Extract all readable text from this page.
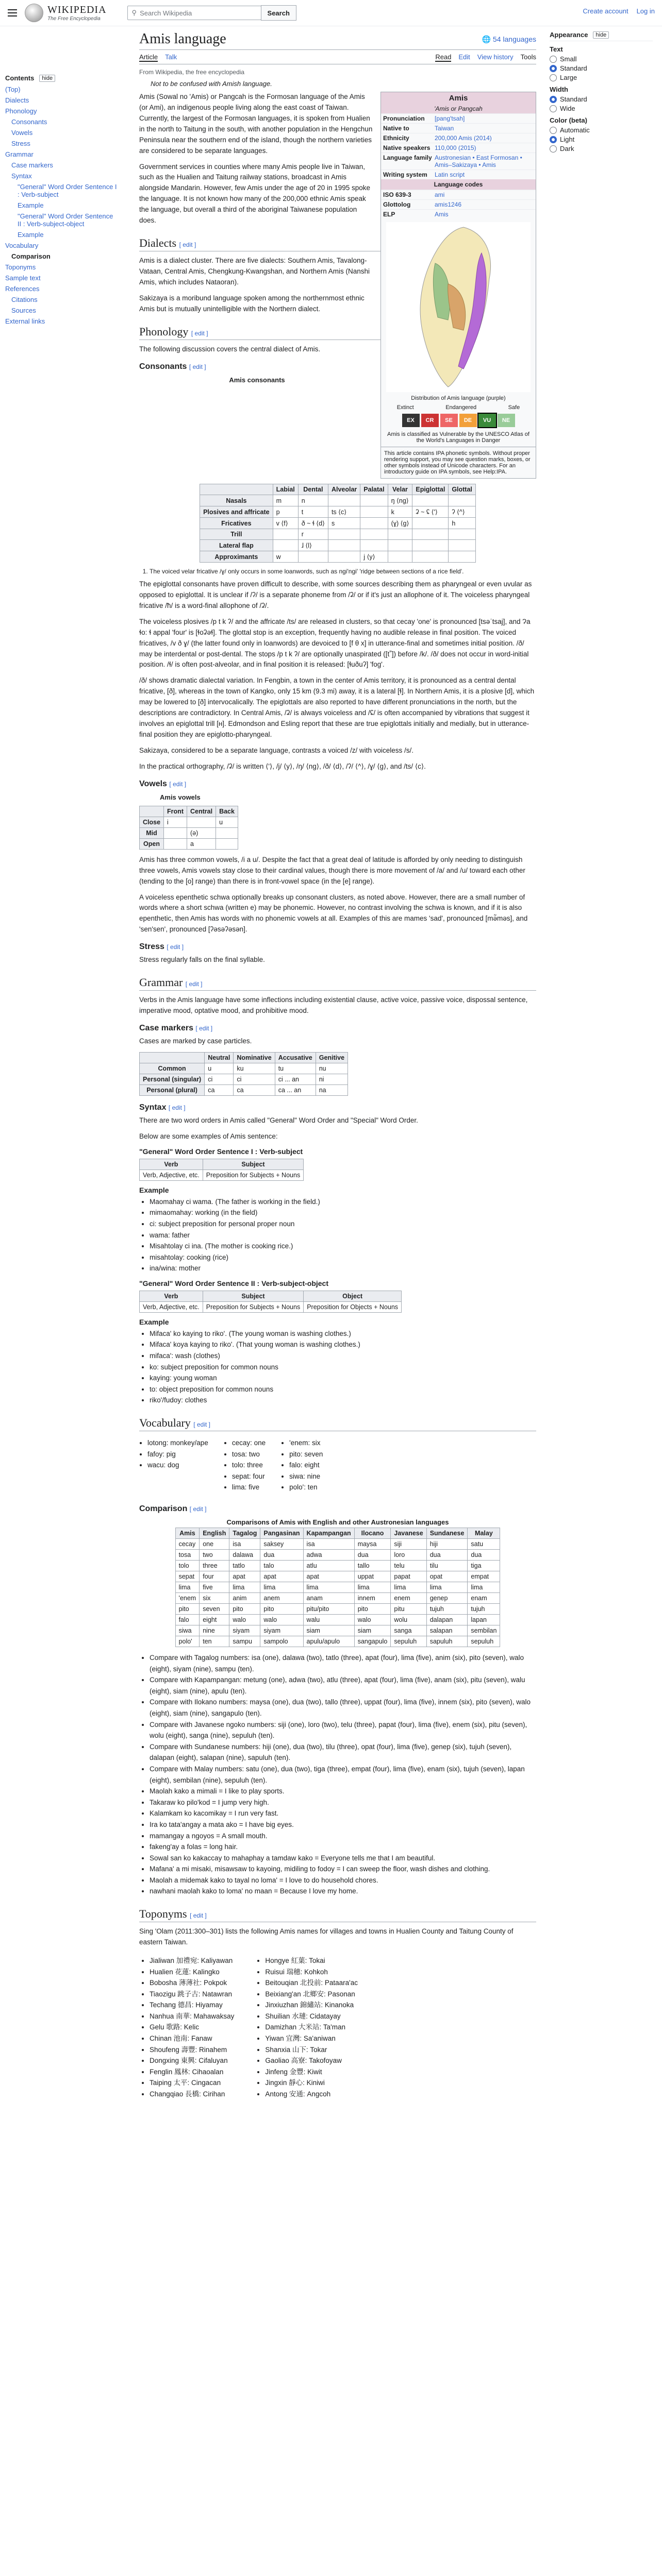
WIKIPEDIA
The Free Encyclopedia
⚲ Search Wikipedia	Search	Create account Log in
Contents	hide
(Top)
Dialects
Phonology
Consonants
Vowels
Stress
Grammar
Case markers
Syntax
"General" Word Order Sentence I : Verb-subject
Example
"General" Word Order Sentence II : Verb-subject-object
Example
Vocabulary
Comparison
Toponyms
Sample text
References
Citations
Sources
External links
Amis language	🌐 54 languages
Article Talk	Read Edit View history Tools
From Wikipedia, the free encyclopedia
Not to be confused with Amish language.
Amis
'Amis or Pangcah
Pronunciation	[pang'tsah]
Native to	Taiwan
Ethnicity	200,000 Amis (2014)
Native speakers 110,000 (2015)
Language family Austronesian • East Formosan • Amis–Sakizaya • Amis
Writing system	Latin script
Language codes
ISO 639-3	ami
Glottolog	amis1246
ELP	Amis
Distribution of Amis language (purple)
Extinct	Endangered	Safe
EX	CR	SE	DE	VU	NE
Amis is classified as Vulnerable by the UNESCO Atlas of the World's Languages in Danger
This article contains IPA phonetic symbols. Without proper rendering support, you may see question marks, boxes, or other symbols instead of Unicode characters. For an introductory guide on IPA symbols, see Help:IPA.

Amis (Sowal no 'Amis) or Pangcah is the Formosan language of the Amis (or Ami), an indigenous people living along the east coast of Taiwan. Currently, the largest of the Formosan languages, it is spoken from Hualien in the north to Taitung in the south, with another population in the Hengchun Peninsula near the southern end of the island, though the northern varieties are considered to be separate languages.

Government services in counties where many Amis people live in Taiwan, such as the Hualien and Taitung railway stations, broadcast in Amis alongside Mandarin. However, few Amis under the age of 20 in 1995 spoke the language. It is not known how many of the 200,000 ethnic Amis speak the language, but overall a third of the aboriginal Taiwanese population does.

Dialects [ edit ]

Amis is a dialect cluster. There are five dialects: Southern Amis, Tavalong-Vataan, Central Amis, Chengkung-Kwangshan, and Northern Amis (Nanshi Amis, which includes Nataoran).

Sakizaya is a moribund language spoken among the northernmost ethnic Amis but is mutually unintelligible with the Northern dialect.

Phonology [ edit ]

The following discussion covers the central dialect of Amis.

Consonants [ edit ]
Amis consonants
	Labial	Dental	Alveolar	Palatal	Velar	Epiglottal	Glottal
Nasals	m	n			ŋ ⟨ng⟩		
Plosives and affricate	p	t	ts ⟨c⟩		k	ʡ ~ ʢ ⟨'⟩	ʔ ⟨^⟩
Fricatives	v ⟨f⟩	ð ~ ɬ ⟨d⟩	s		(ɣ) ⟨g⟩		h
Trill		r					
Lateral flap		ɺ ⟨l⟩					
Approximants	w			j ⟨y⟩			
1. The voiced velar fricative /ɣ/ only occurs in some loanwords, such as ngi'ngi' 'ridge between sections of a rice field'.

The epiglottal consonants have proven difficult to describe, with some sources describing them as pharyngeal or even uvular as opposed to epiglottal. It is unclear if /ʔ/ is a separate phoneme from /ʡ/ or if it's just an allophone of it. The voiceless pharyngeal fricative /ħ/ is a word-final allophone of /ʡ/.

The voiceless plosives /p t k ʔ/ and the affricate /ts/ are released in clusters, so that cecay 'one' is pronounced [tsəˈtsaj], and Ɂa ɬo: ɬ appal 'four' is [ɬoʡəɬ]. The glottal stop is an exception, frequently having no audible release in final position. The voiced fricatives, /v ð ɣ/ (the latter found only in loanwords) are devoiced to [f θ x] in utterance-final and sometimes initial position. /ð/ may be interdental or post-dental. The stops /p t k ʔ/ are optionally unaspirated ([t˭]) before /k/. /ð/ does not occur in word-initial position. /ɬ/ is often post-alveolar, and in final position it is released: [ɬuðuʔ] 'fog'.

/ð/ shows dramatic dialectal variation. In Fengbin, a town in the center of Amis territory, it is pronounced as a central dental fricative, [ð], whereas in the town of Kangko, only 15 km (9.3 mi) away, it is a lateral [ɬ]. In Northern Amis, it is a plosive [d], which may be lowered to [ð] intervocalically. The epiglottals are also reported to have different pronunciations in the north, but the descriptions are contradictory. In Central Amis, /ʡ/ is always voiceless and /ʢ/ is often accompanied by vibrations that suggest it involves an epiglottal trill [ʜ]. Edmondson and Esling report that these are true epiglottals initially and medially, but in utterance-final position they are epiglotto-pharyngeal.

Sakizaya, considered to be a separate language, contrasts a voiced /z/ with voiceless /s/.

In the practical orthography, /ʡ/ is written ⟨'⟩, /j/ ⟨y⟩, /ŋ/ ⟨ng⟩, /ð/ ⟨d⟩, /ʔ/ ⟨^⟩, /ɣ/ ⟨g⟩, and /ts/ ⟨c⟩.

Vowels [ edit ]
Amis vowels
	Front	Central	Back
Close	i		u
Mid		(ə)	
Open		a	

Amis has three common vowels, /i a u/. Despite the fact that a great deal of latitude is afforded by only needing to distinguish three vowels, Amis vowels stay close to their cardinal values, though there is more movement of /a/ and /u/ toward each other (tending to the [o] range) than there is in front-vowel space (in the [e] range).

A voiceless epenthetic schwa optionally breaks up consonant clusters, as noted above. However, there are a small number of words where a short schwa (written e) may be phonemic. However, no contrast involving the schwa is known, and if it is also epenthetic, then Amis has words with no phonemic vowels at all. Examples of this are mames 'sad', pronounced [mə̃məs], and 'sen'sen', pronounced [ʔəsəʔəsən].

Stress [ edit ]

Stress regularly falls on the final syllable.

Grammar [ edit ]

Verbs in the Amis language have some inflections including existential clause, active voice, passive voice, dispossal sentence, imperative mood, optative mood, and prohibitive mood.

Case markers [ edit ]

Cases are marked by case particles.

	Neutral	Nominative	Accusative	Genitive
Common	u	ku	tu	nu
Personal (singular)	ci	ci	ci ... an	ni
Personal (plural)	ca	ca	ca ... an	na
Syntax [ edit ]

There are two word orders in Amis called "General" Word Order and "Special" Word Order.

Below are some examples of Amis sentence:

"General" Word Order Sentence I : Verb-subject
Verb	Subject
Verb, Adjective, etc.	Preposition for Subjects + Nouns
Example
• Maomahay ci wama. (The father is working in the field.)
• mimaomahay: working (in the field)
• ci: subject preposition for personal proper noun
• wama: father
• Misahtolay ci ina. (The mother is cooking rice.)
• misahtolay: cooking (rice)
• ina/wina: mother
"General" Word Order Sentence II : Verb-subject-object
Verb	Subject	Object
Verb, Adjective, etc.	Preposition for Subjects + Nouns	Preposition for Objects + Nouns
Example
• Mifaca' ko kaying to riko'. (The young woman is washing clothes.)
• Mifaca' koya kaying to riko'. (That young woman is washing clothes.)
• mifaca': wash (clothes)
• ko: subject preposition for common nouns
• kaying: young woman
• to: object preposition for common nouns
• riko'/fudoy: clothes
Vocabulary [ edit ]
• lotong: monkey/ape
• fafoy: pig
• wacu: dog
• cecay: one
• tosa: two
• tolo: three
• sepat: four
• lima: five
• 'enem: six
• pito: seven
• falo: eight
• siwa: nine
• polo': ten
Comparison [ edit ]
Comparisons of Amis with English and other Austronesian languages
Amis	English	Tagalog	Pangasinan	Kapampangan	Ilocano	Javanese	Sundanese	Malay
cecay	one	isa	saksey	isa	maysa	siji	hiji	satu
tosa	two	dalawa	dua	adwa	dua	loro	dua	dua
tolo	three	tatlo	talo	atlu	tallo	telu	tilu	tiga
sepat	four	apat	apat	apat	uppat	papat	opat	empat
lima	five	lima	lima	lima	lima	lima	lima	lima
'enem	six	anim	anem	anam	innem	enem	genep	enam
pito	seven	pito	pito	pitu/pito	pito	pitu	tujuh	tujuh
falo	eight	walo	walo	walu	walo	wolu	dalapan	lapan
siwa	nine	siyam	siyam	siam	siam	sanga	salapan	sembilan
polo'	ten	sampu	sampolo	apulu/apulo	sangapulo	sepuluh	sapuluh	sepuluh
• Compare with Tagalog numbers: isa (one), dalawa (two), tatlo (three), apat (four), lima (five), anim (six), pito (seven), walo (eight), siyam (nine), sampu (ten).
• Compare with Kapampangan: metung (one), adwa (two), atlu (three), apat (four), lima (five), anam (six), pitu (seven), walu (eight), siam (nine), apulu (ten).
• Compare with Ilokano numbers: maysa (one), dua (two), tallo (three), uppat (four), lima (five), innem (six), pito (seven), walo (eight), siam (nine), sangapulo (ten).
• Compare with Javanese ngoko numbers: siji (one), loro (two), telu (three), papat (four), lima (five), enem (six), pitu (seven), wolu (eight), sanga (nine), sepuluh (ten).
• Compare with Sundanese numbers: hiji (one), dua (two), tilu (three), opat (four), lima (five), genep (six), tujuh (seven), dalapan (eight), salapan (nine), sapuluh (ten).
• Compare with Malay numbers: satu (one), dua (two), tiga (three), empat (four), lima (five), enam (six), tujuh (seven), lapan (eight), sembilan (nine), sepuluh (ten).
• Maolah kako a mimali = I like to play sports.
• Takaraw ko pilo'kod = I jump very high.
• Kalamkam ko kacomikay = I run very fast.
• Ira ko tata'angay a mata ako = I have big eyes.
• mamangay a ngoyos = A small mouth.
• fakeng'ay a folas = long hair.
• Sowal san ko kakaccay to mahaphay a tamdaw kako = Everyone tells me that I am beautiful.
• Mafana' a mi misaki, misawsaw to kayoing, midiling to fodoy = I can sweep the floor, wash dishes and clothing.
• Maolah a midemak kako to tayal no loma' = I love to do household chores.
• nawhani maolah kako to loma' no maan = Because I love my home.
Toponyms [ edit ]

Sing 'Olam (2011:300–301) lists the following Amis names for villages and towns in Hualien County and Taitung County of eastern Taiwan.

• Jialiwan 加禮宛: Kaliyawan
• Hualien 花蓮: Kalingko
• Bobosha 薄薄社: Pokpok
• Tiaozigu 跳子古: Natawran
• Techang 德昌: Hiyamay
• Nanhua 南華: Mahawaksay
• Gelu 歌路: Kelic
• Chinan 池南: Fanaw
• Shoufeng 壽豐: Rinahem
• Dongxing 東興: Cifaluyan
• Fenglin 鳳林: Cihaoalan
• Taiping 太平: Cingacan
• Changqiao 長橋: Cirihan
• Hongye 紅葉: Tokai
• Ruisui 瑞穗: Kohkoh
• Beitouqian 北投前: Pataara'ac
• Beixiang'an 北鄉安: Pasonan
• Jinxiuzhan 錦繡站: Kinanoka
• Shuilian 水璉: Cidatayay
• Damizhan 大米站: Ta'man
• Yiwan 宜灣: Sa'aniwan
• Shanxia 山下: Tokar
• Gaoliao 高寮: Takofoyaw
• Jinfeng 金豐: Kiwit
• Jingxin 靜心: Kiniwi
• Antong 安通: Angcoh
Appearance	hide
Text
Small
Standard
Large
Width
Standard
Wide
Color (beta)
Automatic
Light
Dark
